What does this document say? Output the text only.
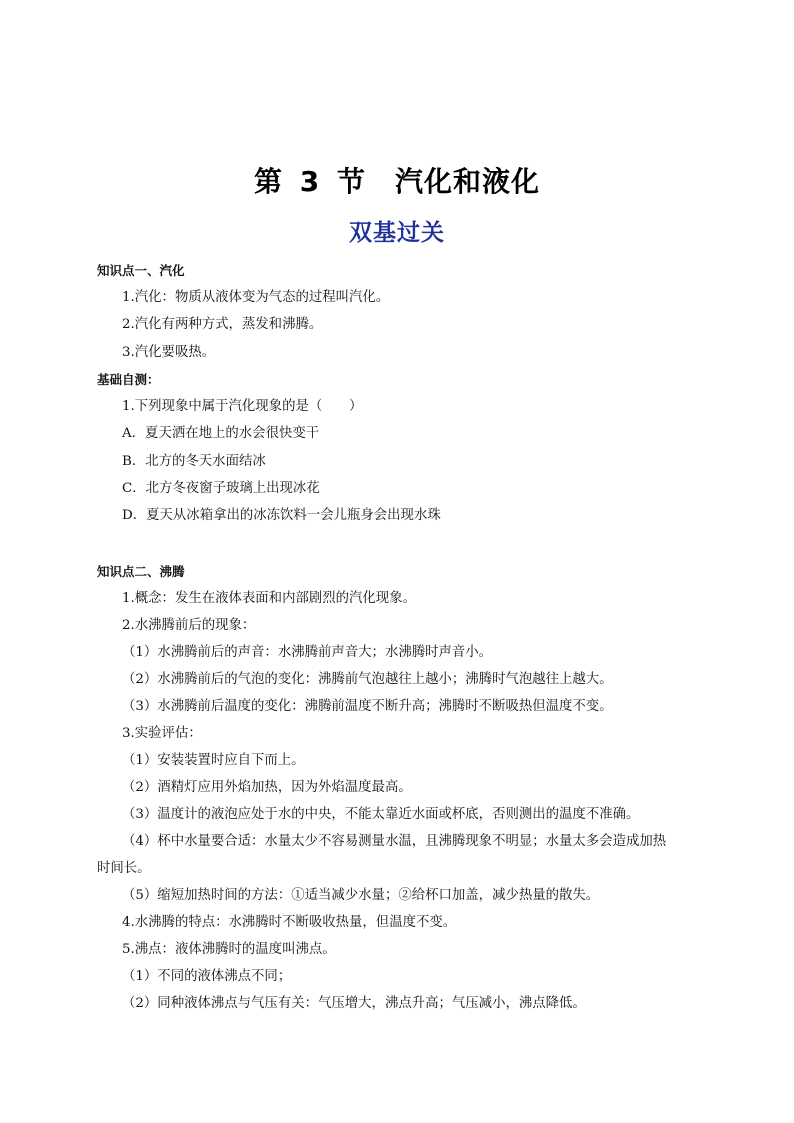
第 3 节　汽化和液化
双基过关
知识点一、汽化
1.汽化：物质从液体变为气态的过程叫汽化。
2.汽化有两种方式，蒸发和沸腾。
3.汽化要吸热。
基础自测：
1.下列现象中属于汽化现象的是（　　）
A．夏天洒在地上的水会很快变干
B．北方的冬天水面结冰
C．北方冬夜窗子玻璃上出现冰花
D．夏天从冰箱拿出的冰冻饮料一会儿瓶身会出现水珠
知识点二、沸腾
1.概念：发生在液体表面和内部剧烈的汽化现象。
2.水沸腾前后的现象：
（1）水沸腾前后的声音：水沸腾前声音大；水沸腾时声音小。
（2）水沸腾前后的气泡的变化：沸腾前气泡越往上越小；沸腾时气泡越往上越大。
（3）水沸腾前后温度的变化：沸腾前温度不断升高；沸腾时不断吸热但温度不变。
3.实验评估：
（1）安装装置时应自下而上。
（2）酒精灯应用外焰加热，因为外焰温度最高。
（3）温度计的液泡应处于水的中央，不能太靠近水面或杯底，否则测出的温度不准确。
（4）杯中水量要合适：水量太少不容易测量水温，且沸腾现象不明显；水量太多会造成加热
时间长。
（5）缩短加热时间的方法：①适当减少水量；②给杯口加盖，减少热量的散失。
4.水沸腾的特点：水沸腾时不断吸收热量，但温度不变。
5.沸点：液体沸腾时的温度叫沸点。
（1）不同的液体沸点不同；
（2）同种液体沸点与气压有关：气压增大，沸点升高；气压减小，沸点降低。
